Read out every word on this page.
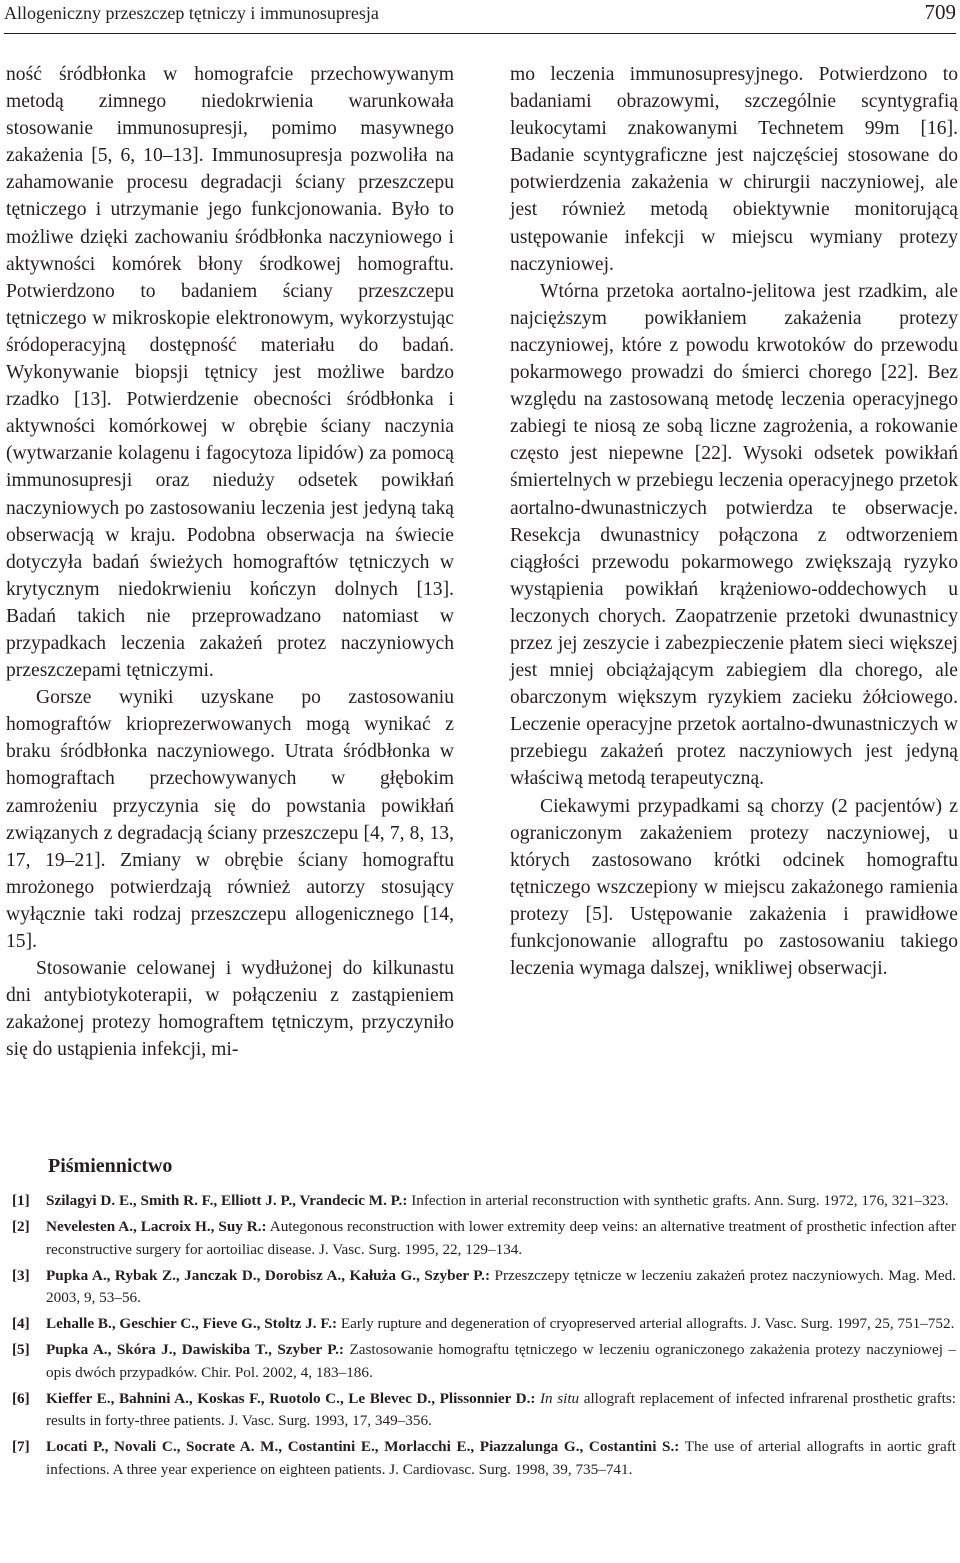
Allogeniczny przeszczep tętniczy i immunosupresja	709

ność śródbłonka w homografcie przechowywanym metodą zimnego niedokrwienia warunkowała stosowanie immunosupresji, pomimo masywnego zakażenia [5, 6, 10–13]. Immunosupresja pozwoliła na zahamowanie procesu degradacji ściany przeszczepu tętniczego i utrzymanie jego funkcjonowania. Było to możliwe dzięki zachowaniu śródbłonka naczyniowego i aktywności komórek błony środkowej homograftu. Potwierdzono to badaniem ściany przeszczepu tętniczego w mikroskopie elektronowym, wykorzystując śródoperacyjną dostępność materiału do badań. Wykonywanie biopsji tętnicy jest możliwe bardzo rzadko [13]. Potwierdzenie obecności śródbłonka i aktywności komórkowej w obrębie ściany naczynia (wytwarzanie kolagenu i fagocytoza lipidów) za pomocą immunosupresji oraz niedużу odsetek powikłań naczyniowych po zastosowaniu leczenia jest jedyną taką obserwacją w kraju. Podobna obserwacja na świecie dotyczyła badań świeżych homograftów tętniczych w krytycznym niedokrwieniu kończyn dolnych [13]. Badań takich nie przeprowadzano natomiast w przypadkach leczenia zakażeń protez naczyniowych przeszczepami tętniczymi.

Gorsze wyniki uzyskane po zastosowaniu homograftów krioprezerwowanych mogą wynikać z braku śródbłonka naczyniowego. Utrata śródbłonka w homograftach przechowywanych w głębokim zamrożeniu przyczynia się do powstania powikłań związanych z degradacją ściany przeszczepu [4, 7, 8, 13, 17, 19–21]. Zmiany w obrębie ściany homograftu mrożonego potwierdzają również autorzy stosujący wyłącznie taki rodzaj przeszczepu allogenicznego [14, 15].

Stosowanie celowanej i wydłużonej do kilkunastu dni antybiotykoterapii, w połączeniu z zastąpieniem zakażonej protezy homograftem tętniczym, przyczyniło się do ustąpienia infekcji, mi-

mo leczenia immunosupresyjnego. Potwierdzono to badaniami obrazowymi, szczególnie scyntygrafią leukocytami znakowanymi Technetem 99m [16]. Badanie scyntygraficzne jest najczęściej stosowane do potwierdzenia zakażenia w chirurgii naczyniowej, ale jest również metodą obiektywnie monitorującą ustępowanie infekcji w miejscu wymiany protezy naczyniowej.

Wtórna przetoka aortalno-jelitowa jest rzadkim, ale najcięższym powikłaniem zakażenia protezy naczyniowej, które z powodu krwotoków do przewodu pokarmowego prowadzi do śmierci chorego [22]. Bez względu na zastosowaną metodę leczenia operacyjnego zabiegi te niosą ze sobą liczne zagrożenia, a rokowanie często jest niepewne [22]. Wysoki odsetek powikłań śmiertelnych w przebiegu leczenia operacyjnego przetok aortalno-dwunastniczych potwierdza te obserwacje. Resekcja dwunastnicy połączona z odtworzeniem ciągłości przewodu pokarmowego zwiększają ryzyko wystąpienia powikłań krążeniowo-oddechowych u leczonych chorych. Zaopatrzenie przetoki dwunastnicy przez jej zeszycie i zabezpieczenie płatem sieci większej jest mniej obciążającym zabiegiem dla chorego, ale obarczonym większym ryzykiem zacieku żółciowego. Leczenie operacyjne przetok aortalno-dwunastniczych w przebiegu zakażeń protez naczyniowych jest jedyną właściwą metodą terapeutyczną.

Ciekawymi przypadkami są chorzy (2 pacjentów) z ograniczonym zakażeniem protezy naczyniowej, u których zastosowano krótki odcinek homograftu tętniczego wszczepiony w miejscu zakażonego ramienia protezy [5]. Ustępowanie zakażenia i prawidłowe funkcjonowanie allograftu po zastosowaniu takiego leczenia wymaga dalszej, wnikliwej obserwacji.

Piśmiennictwo
[1] Szilagyi D. E., Smith R. F., Elliott J. P., Vrandecic M. P.: Infection in arterial reconstruction with synthetic grafts. Ann. Surg. 1972, 176, 321–323.
[2] Nevelesten A., Lacroix H., Suy R.: Autegonous reconstruction with lower extremity deep veins: an alternative treatment of prosthetic infection after reconstructive surgery for aortoiliac disease. J. Vasc. Surg. 1995, 22, 129–134.
[3] Pupka A., Rybak Z., Janczak D., Dorobisz A., Kałuża G., Szyber P.: Przeszczepy tętnicze w leczeniu zakażeń protez naczyniowych. Mag. Med. 2003, 9, 53–56.
[4] Lehalle B., Geschier C., Fieve G., Stoltz J. F.: Early rupture and degeneration of cryopreserved arterial allografts. J. Vasc. Surg. 1997, 25, 751–752.
[5] Pupka A., Skóra J., Dawiskiba T., Szyber P.: Zastosowanie homograftu tętniczego w leczeniu ograniczonego zakażenia protezy naczyniowej – opis dwóch przypadków. Chir. Pol. 2002, 4, 183–186.
[6] Kieffer E., Bahnini A., Koskas F., Ruotolo C., Le Blevec D., Plissonnier D.: In situ allograft replacement of infected infrarenal prosthetic grafts: results in forty-three patients. J. Vasc. Surg. 1993, 17, 349–356.
[7] Locati P., Novali C., Socrate A. M., Costantini E., Morlacchi E., Piazzalunga G., Costantini S.: The use of arterial allografts in aortic graft infections. A three year experience on eighteen patients. J. Cardiovasc. Surg. 1998, 39, 735–741.
